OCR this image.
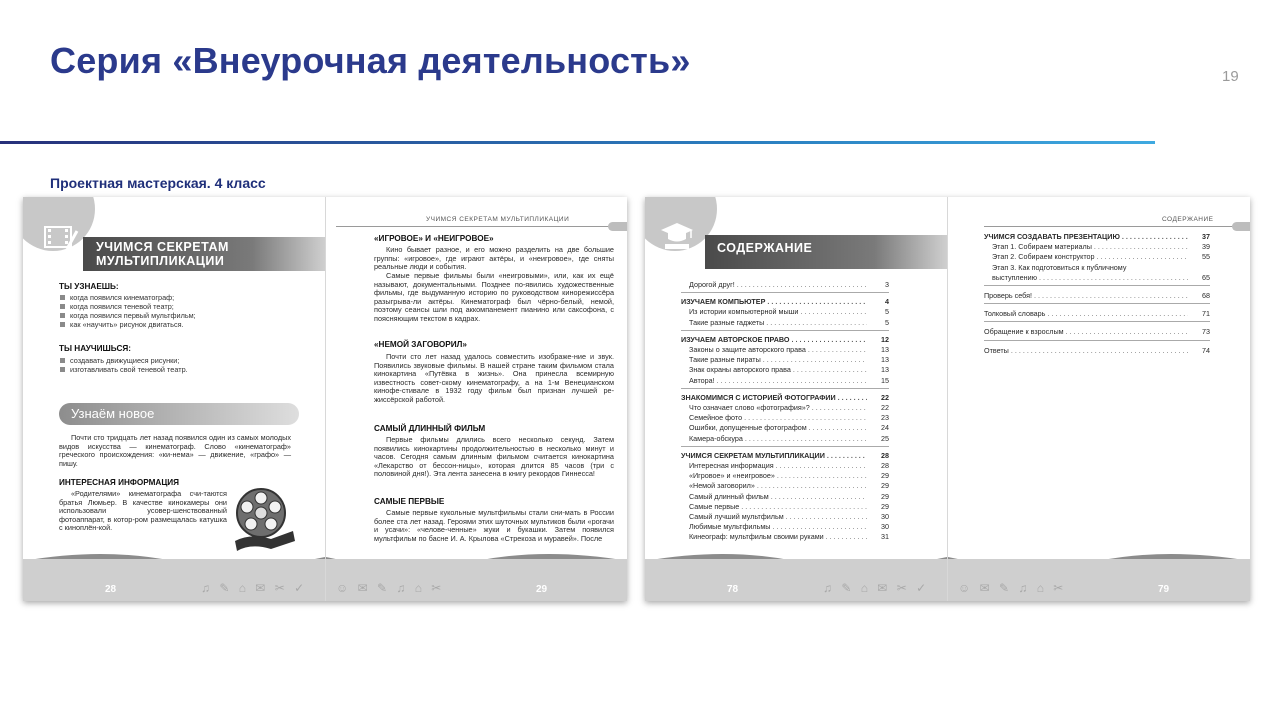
Серия «Внеурочная деятельность»	19
Проектная мастерская. 4 класс
УЧИМСЯ СЕКРЕТАМ
МУЛЬТИПЛИКАЦИИ
ТЫ УЗНАЕШЬ:
когда появился кинематограф;
когда появился теневой театр;
когда появился первый мультфильм;
как «научить» рисунок двигаться.
ТЫ НАУЧИШЬСЯ:
создавать движущиеся рисунки;
изготавливать свой теневой театр.
Узнаём новое
Почти сто тридцать лет назад появился один из самых молодых видов искусства — кинематограф. Слово «кинематограф» греческого происхождения: «ки-нема» — движение, «графо» — пишу.
ИНТЕРЕСНАЯ ИНФОРМАЦИЯ
«Родителями» кинематографа счи-таются братья Люмьер. В качестве кинокамеры они использовали усовер-шенствованный фотоаппарат, в котор-ром размещалась катушка с киноплён-кой.
28	♫ ✎ ⌂ ✉ ✂ ✓
УЧИМСЯ СЕКРЕТАМ МУЛЬТИПЛИКАЦИИ
«ИГРОВОЕ» И «НЕИГРОВОЕ»
Кино бывает разное, и его можно разделить на две большие группы: «игровое», где играют актёры, и «неигровое», где сняты реальные люди и события.
Самые первые фильмы были «неигровыми», или, как их ещё называют, документальными. Позднее по-явились художественные фильмы, где выдуманную историю по руководством кинорежиссёра разыгрыва-ли актёры. Кинематограф был чёрно-белый, немой, поэтому сеансы шли под аккомпанемент пианино или саксофона, с поясняющим текстом в кадрах.
«НЕМОЙ ЗАГОВОРИЛ»
Почти сто лет назад удалось совместить изображе-ние и звук. Появились звуковые фильмы. В нашей стране таким фильмом стала кинокартина «Путёвка в жизнь». Она принесла всемирную известность совет-скому кинематографу, а на 1-м Венецианском кинофе-стивале в 1932 году фильм был признан лучшей ре-жиссёрской работой.
САМЫЙ ДЛИННЫЙ ФИЛЬМ
Первые фильмы длились всего несколько секунд. Затем появились кинокартины продолжительностью в несколько минут и часов. Сегодня самым длинным фильмом считается кинокартина «Лекарство от бессон-ницы», которая длится 85 часов (три с половиной дня!). Эта лента занесена в книгу рекордов Гиннесса!
САМЫЕ ПЕРВЫЕ
Самые первые кукольные мультфильмы стали сни-мать в России более ста лет назад. Героями этих шуточных мультиков были «рогачи и усачи»: «челове-ченные» жуки и букашки. Затем появился мультфильм по басне И. А. Крылова «Стрекоза и муравей». После
☺ ✉ ✎ ♫ ⌂ ✂	29
СОДЕРЖАНИЕ
Дорогой друг! . . .	3
ИЗУЧАЕМ КОМПЬЮТЕР . . .	4
Из истории компьютерной мыши . . .	5
Такие разные гаджеты . . .	5
ИЗУЧАЕМ АВТОРСКОЕ ПРАВО . . .	12
Законы о защите авторского права . . .	13
Такие разные пираты . . .	13
Знак охраны авторского права . . .	13
Автора! . . .	15
ЗНАКОМИМСЯ С ИСТОРИЕЙ ФОТОГРАФИИ . . .	22
Что означает слово «фотография»? . . .	22
Семейное фото . . .	23
Ошибки, допущенные фотографом . . .	24
Камера-обскура . . .	25
УЧИМСЯ СЕКРЕТАМ МУЛЬТИПЛИКАЦИИ . . .	28
Интересная информация . . .	28
«Игровое» и «неигровое» . . .	29
«Немой заговорил» . . .	29
Самый длинный фильм . . .	29
Самые первые . . .	29
Самый лучший мультфильм . . .	30
Любимые мультфильмы . . .	30
Кинеограф: мультфильм своими руками . . .	31
78	♫ ✎ ⌂ ✉ ✂ ✓
СОДЕРЖАНИЕ
УЧИМСЯ СОЗДАВАТЬ ПРЕЗЕНТАЦИЮ . . .	37
Этап 1. Собираем материалы . . .	39
Этап 2. Собираем конструктор . . .	55
Этап 3. Как подготовиться к публичному
выступлению . . .	65
Проверь себя! . . .	68
Толковый словарь . . .	71
Обращение к взрослым . . .	73
Ответы . . .	74
☺ ✉ ✎ ♫ ⌂ ✂	79
